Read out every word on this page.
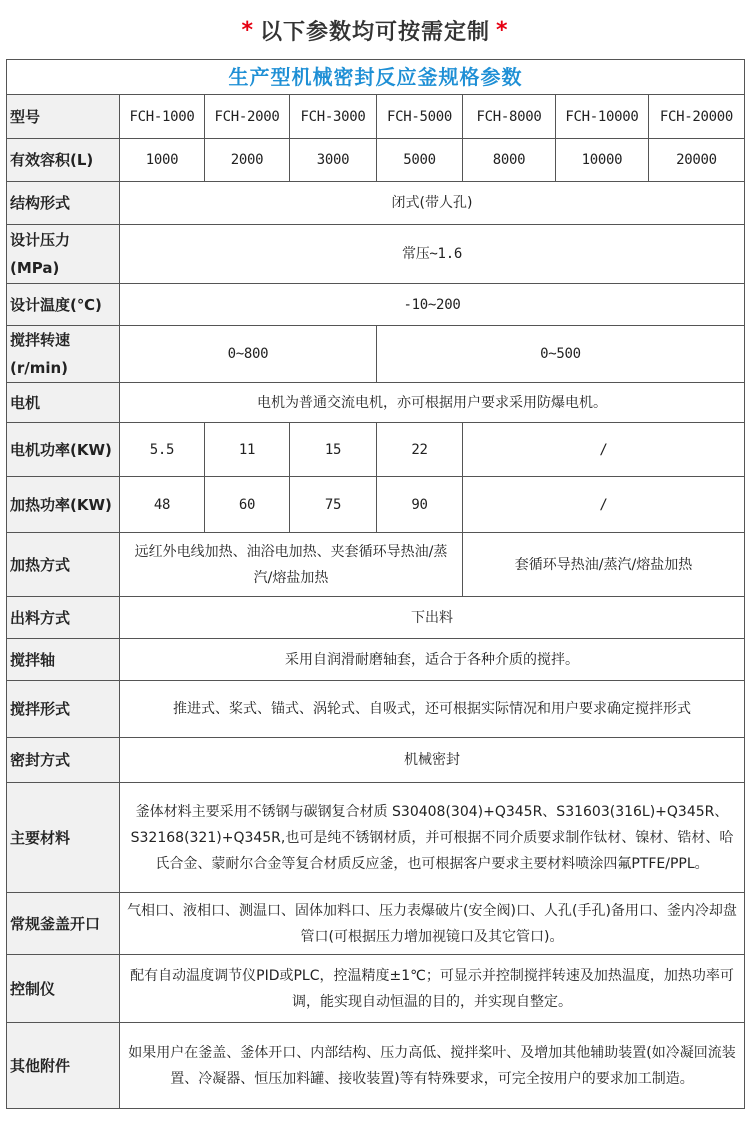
* 以下参数均可按需定制 *
生产型机械密封反应釜规格参数							
型号	FCH-1000	FCH-2000	FCH-3000	FCH-5000	FCH-8000	FCH-10000	FCH-20000
有效容积(L)	1000	2000	3000	5000	8000	10000	20000
结构形式	闭式(带人孔)						
设计压力(MPa)	常压~1.6						
设计温度(℃)	-10~200						
搅拌转速(r/min)	0~800			0~500			
电机	电机为普通交流电机，亦可根据用户要求采用防爆电机。						
电机功率(KW)	5.5	11	15	22	/		
加热功率(KW)	48	60	75	90	/		
加热方式	远红外电线加热、油浴电加热、夹套循环导热油/蒸汽/熔盐加热				套循环导热油/蒸汽/熔盐加热		
出料方式	下出料						
搅拌轴	采用自润滑耐磨轴套，适合于各种介质的搅拌。						
搅拌形式	推进式、桨式、锚式、涡轮式、自吸式，还可根据实际情况和用户要求确定搅拌形式						
密封方式	机械密封						
主要材料	釜体材料主要采用不锈钢与碳钢复合材质 S30408(304)+Q345R、S31603(316L)+Q345R、S32168(321)+Q345R,也可是纯不锈钢材质，并可根据不同介质要求制作钛材、镍材、锆材、哈氏合金、蒙耐尔合金等复合材质反应釜，也可根据客户要求主要材料喷涂四氟PTFE/PPL。						
常规釜盖开口	气相口、液相口、测温口、固体加料口、压力表爆破片(安全阀)口、人孔(手孔)备用口、釜内冷却盘管口(可根据压力增加视镜口及其它管口)。						
控制仪	配有自动温度调节仪PID或PLC，控温精度±1℃；可显示并控制搅拌转速及加热温度，加热功率可调，能实现自动恒温的目的，并实现自整定。						
其他附件	如果用户在釜盖、釜体开口、内部结构、压力高低、搅拌桨叶、及增加其他辅助装置(如冷凝回流装置、冷凝器、恒压加料罐、接收装置)等有特殊要求，可完全按用户的要求加工制造。						
